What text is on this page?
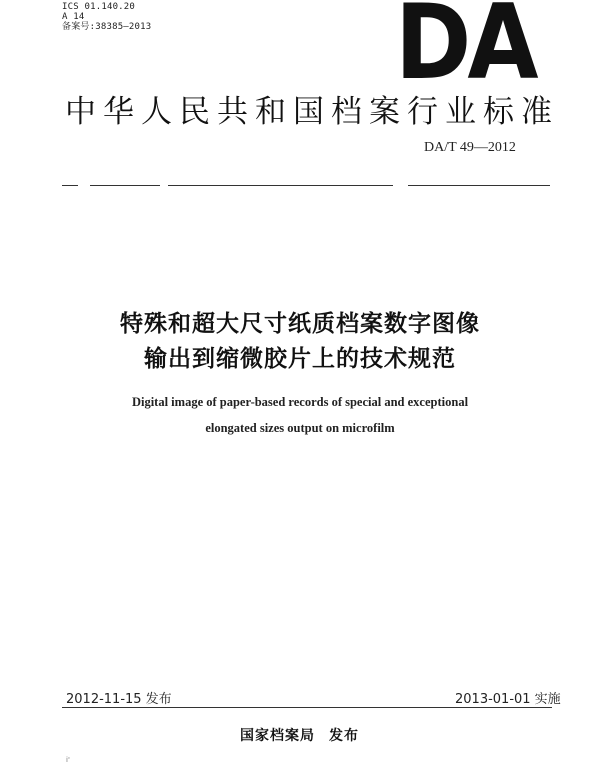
ICS 01.140.20
A 14
备案号:38385—2013	DA
中华人民共和国档案行业标准
DA/T 49—2012
特殊和超大尺寸纸质档案数字图像
输出到缩微胶片上的技术规范
Digital image of paper-based records of special and exceptional
elongated sizes output on microfilm
2012-11-15 发布	2013-01-01 实施
国家档案局 发布
i'
